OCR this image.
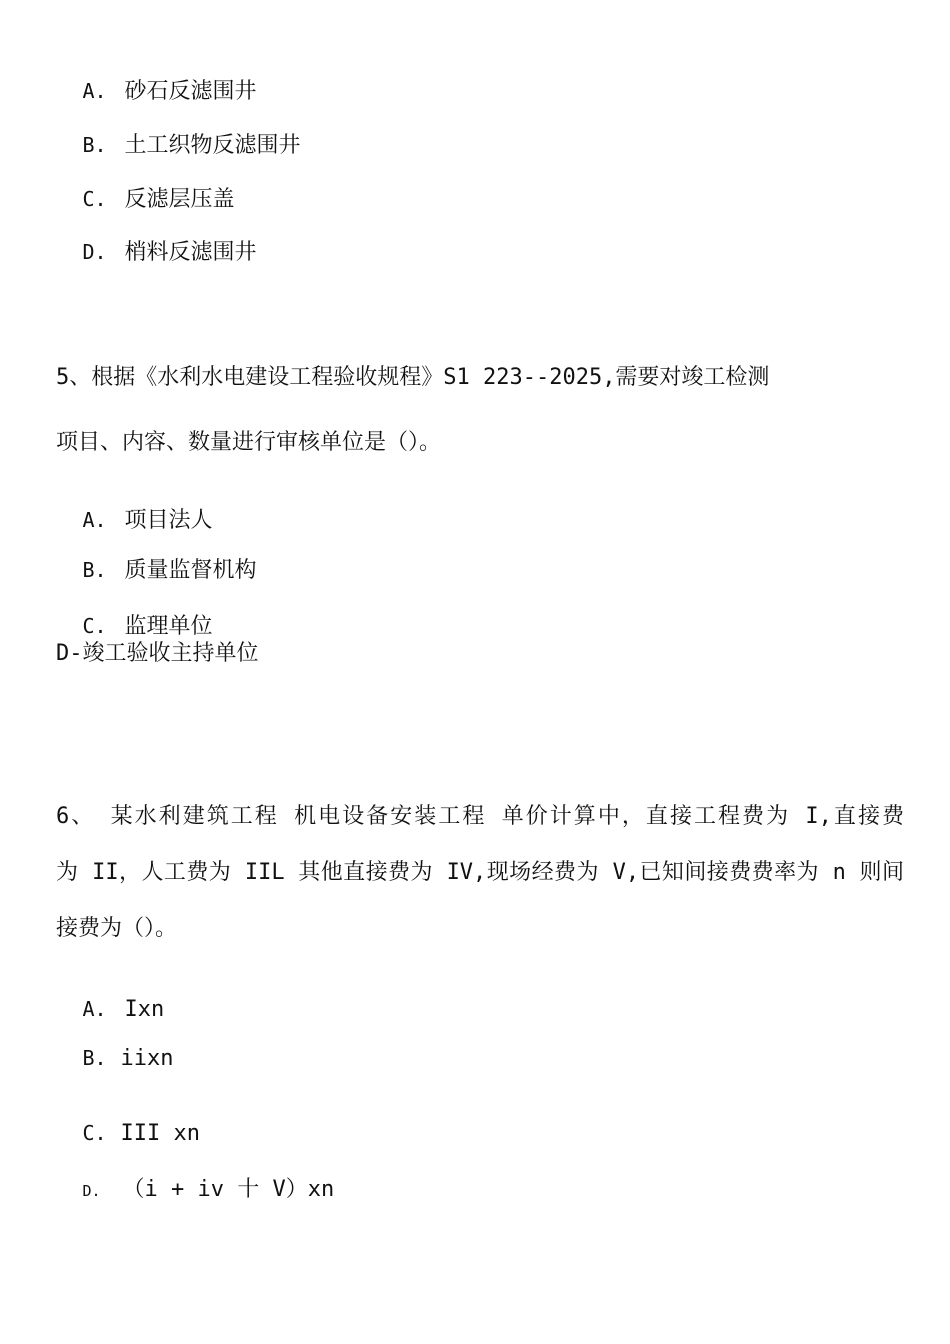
A. 砂石反滤围井

B. 土工织物反滤围井

C. 反滤层压盖

D. 梢料反滤围井

5、根据《水利水电建设工程验收规程》S1 223--2025,需要对竣工检测
项目、内容、数量进行审核单位是（）。

A. 项目法人

B. 质量监督机构

C. 监理单位

D-竣工验收主持单位
6、 某水利建筑工程 机电设备安装工程 单价计算中，直接工程费为 I,直接费
为 II，人工费为 IIL 其他直接费为 IV,现场经费为 V,已知间接费费率为 n 则间
接费为（）。

A. Ixn

B. iixn

C. III xn

D. （i + iv 十 V）xn
